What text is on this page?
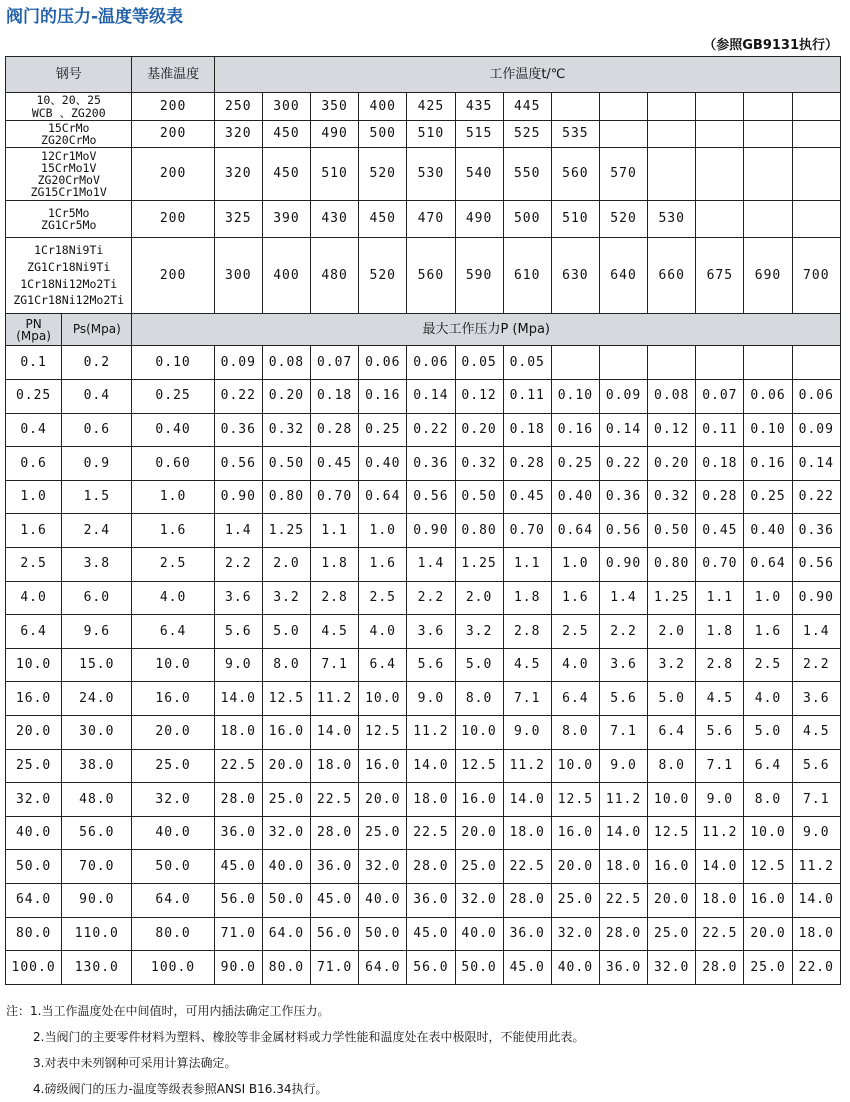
阀门的压力-温度等级表
（参照GB9131执行）
钢号		基准温度	工作温度t/℃												

10、20、25
WCB 、ZG200		200	250	300	350	400	425	435	445						

15CrMo
ZG20CrMo		200	320	450	490	500	510	515	525	535					

12Cr1MoV
15CrMo1V
ZG20CrMoV
ZG15Cr1Mo1V		200	320	450	510	520	530	540	550	560	570				

1Cr5Mo
ZG1Cr5Mo		200	325	390	430	450	470	490	500	510	520	530			

1Cr18Ni9Ti
ZG1Cr18Ni9Ti
1Cr18Ni12Mo2Ti
ZG1Cr18Ni12Mo2Ti		200	300	400	480	520	560	590	610	630	640	660	675	690	700

PN
(Mpa)	Ps(Mpa)	最大工作压力P (Mpa)													
0.1	0.2	0.10	0.09	0.08	0.07	0.06	0.06	0.05	0.05						
0.25	0.4	0.25	0.22	0.20	0.18	0.16	0.14	0.12	0.11	0.10	0.09	0.08	0.07	0.06	0.06
0.4	0.6	0.40	0.36	0.32	0.28	0.25	0.22	0.20	0.18	0.16	0.14	0.12	0.11	0.10	0.09
0.6	0.9	0.60	0.56	0.50	0.45	0.40	0.36	0.32	0.28	0.25	0.22	0.20	0.18	0.16	0.14
1.0	1.5	1.0	0.90	0.80	0.70	0.64	0.56	0.50	0.45	0.40	0.36	0.32	0.28	0.25	0.22
1.6	2.4	1.6	1.4	1.25	1.1	1.0	0.90	0.80	0.70	0.64	0.56	0.50	0.45	0.40	0.36
2.5	3.8	2.5	2.2	2.0	1.8	1.6	1.4	1.25	1.1	1.0	0.90	0.80	0.70	0.64	0.56
4.0	6.0	4.0	3.6	3.2	2.8	2.5	2.2	2.0	1.8	1.6	1.4	1.25	1.1	1.0	0.90
6.4	9.6	6.4	5.6	5.0	4.5	4.0	3.6	3.2	2.8	2.5	2.2	2.0	1.8	1.6	1.4
10.0	15.0	10.0	9.0	8.0	7.1	6.4	5.6	5.0	4.5	4.0	3.6	3.2	2.8	2.5	2.2
16.0	24.0	16.0	14.0	12.5	11.2	10.0	9.0	8.0	7.1	6.4	5.6	5.0	4.5	4.0	3.6
20.0	30.0	20.0	18.0	16.0	14.0	12.5	11.2	10.0	9.0	8.0	7.1	6.4	5.6	5.0	4.5
25.0	38.0	25.0	22.5	20.0	18.0	16.0	14.0	12.5	11.2	10.0	9.0	8.0	7.1	6.4	5.6
32.0	48.0	32.0	28.0	25.0	22.5	20.0	18.0	16.0	14.0	12.5	11.2	10.0	9.0	8.0	7.1
40.0	56.0	40.0	36.0	32.0	28.0	25.0	22.5	20.0	18.0	16.0	14.0	12.5	11.2	10.0	9.0
50.0	70.0	50.0	45.0	40.0	36.0	32.0	28.0	25.0	22.5	20.0	18.0	16.0	14.0	12.5	11.2
64.0	90.0	64.0	56.0	50.0	45.0	40.0	36.0	32.0	28.0	25.0	22.5	20.0	18.0	16.0	14.0
80.0	110.0	80.0	71.0	64.0	56.0	50.0	45.0	40.0	36.0	32.0	28.0	25.0	22.5	20.0	18.0
100.0	130.0	100.0	90.0	80.0	71.0	64.0	56.0	50.0	45.0	40.0	36.0	32.0	28.0	25.0	22.0
注：1.当工作温度处在中间值时，可用内插法确定工作压力。
2.当阀门的主要零件材料为塑料、橡胶等非金属材料或力学性能和温度处在表中极限时，不能使用此表。
3.对表中未列钢种可采用计算法确定。
4.磅级阀门的压力-温度等级表参照ANSI B16.34执行。
